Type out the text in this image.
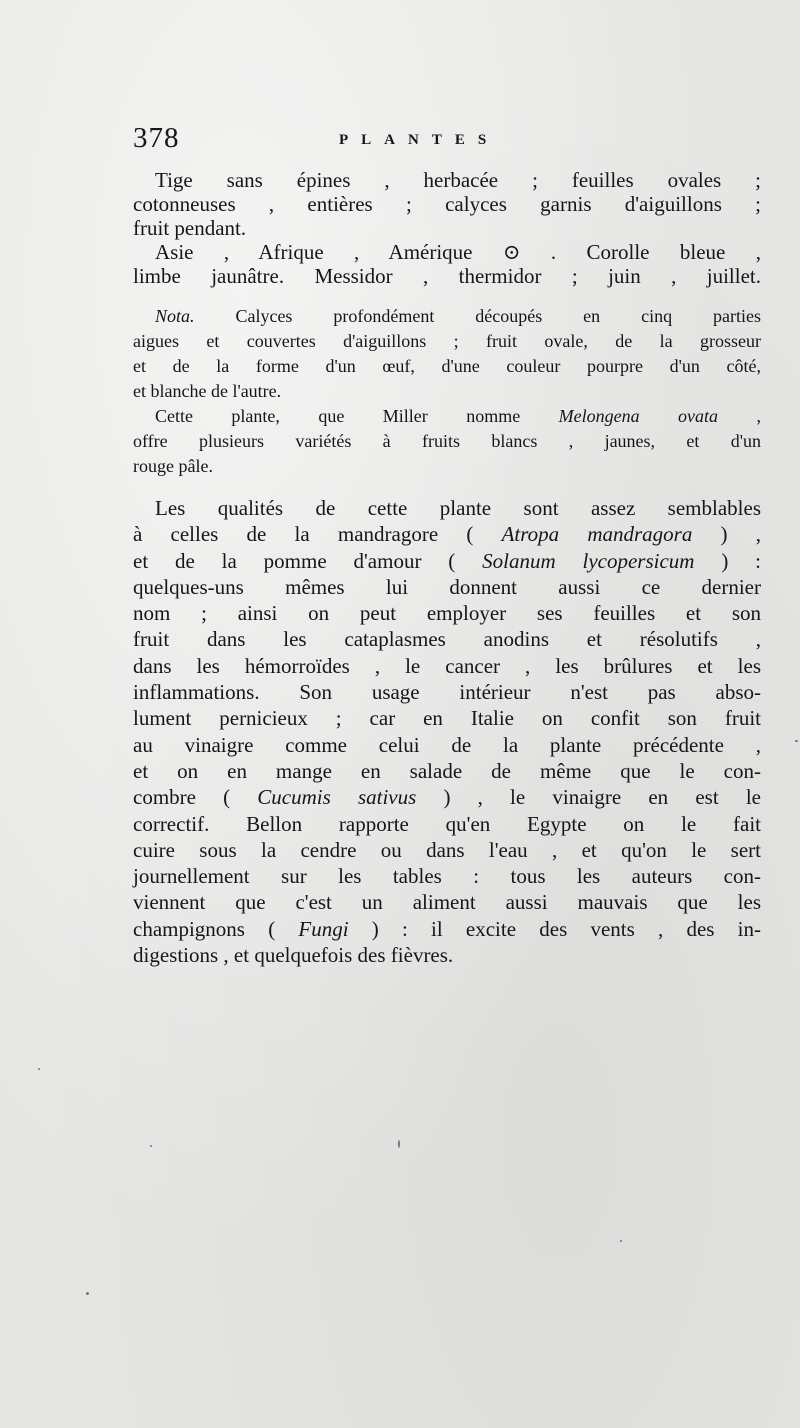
378	PLANTES
Tige sans épines , herbacée ; feuilles ovales ;
cotonneuses , entières ; calyces garnis d'aiguillons ;
fruit pendant.
Asie , Afrique , Amérique ⊙ . Corolle bleue ,
limbe jaunâtre. Messidor , thermidor ; juin , juillet.
Nota. Calyces profondément découpés en cinq parties
aigues et couvertes d'aiguillons ; fruit ovale, de la grosseur
et de la forme d'un œuf, d'une couleur pourpre d'un côté,
et blanche de l'autre.
Cette plante, que Miller nomme Melongena ovata ,
offre plusieurs variétés à fruits blancs , jaunes, et d'un
rouge pâle.
Les qualités de cette plante sont assez semblables
à celles de la mandragore ( Atropa mandragora ) ,
et de la pomme d'amour ( Solanum lycopersicum ) :
quelques-uns mêmes lui donnent aussi ce dernier
nom ; ainsi on peut employer ses feuilles et son
fruit dans les cataplasmes anodins et résolutifs ,
dans les hémorroïdes , le cancer , les brûlures et les
inflammations. Son usage intérieur n'est pas abso-
lument pernicieux ; car en Italie on confit son fruit
au vinaigre comme celui de la plante précédente ,
et on en mange en salade de même que le con-
combre ( Cucumis sativus ) , le vinaigre en est le
correctif. Bellon rapporte qu'en Egypte on le fait
cuire sous la cendre ou dans l'eau , et qu'on le sert
journellement sur les tables : tous les auteurs con-
viennent que c'est un aliment aussi mauvais que les
champignons ( Fungi ) : il excite des vents , des in-
digestions , et quelquefois des fièvres.
